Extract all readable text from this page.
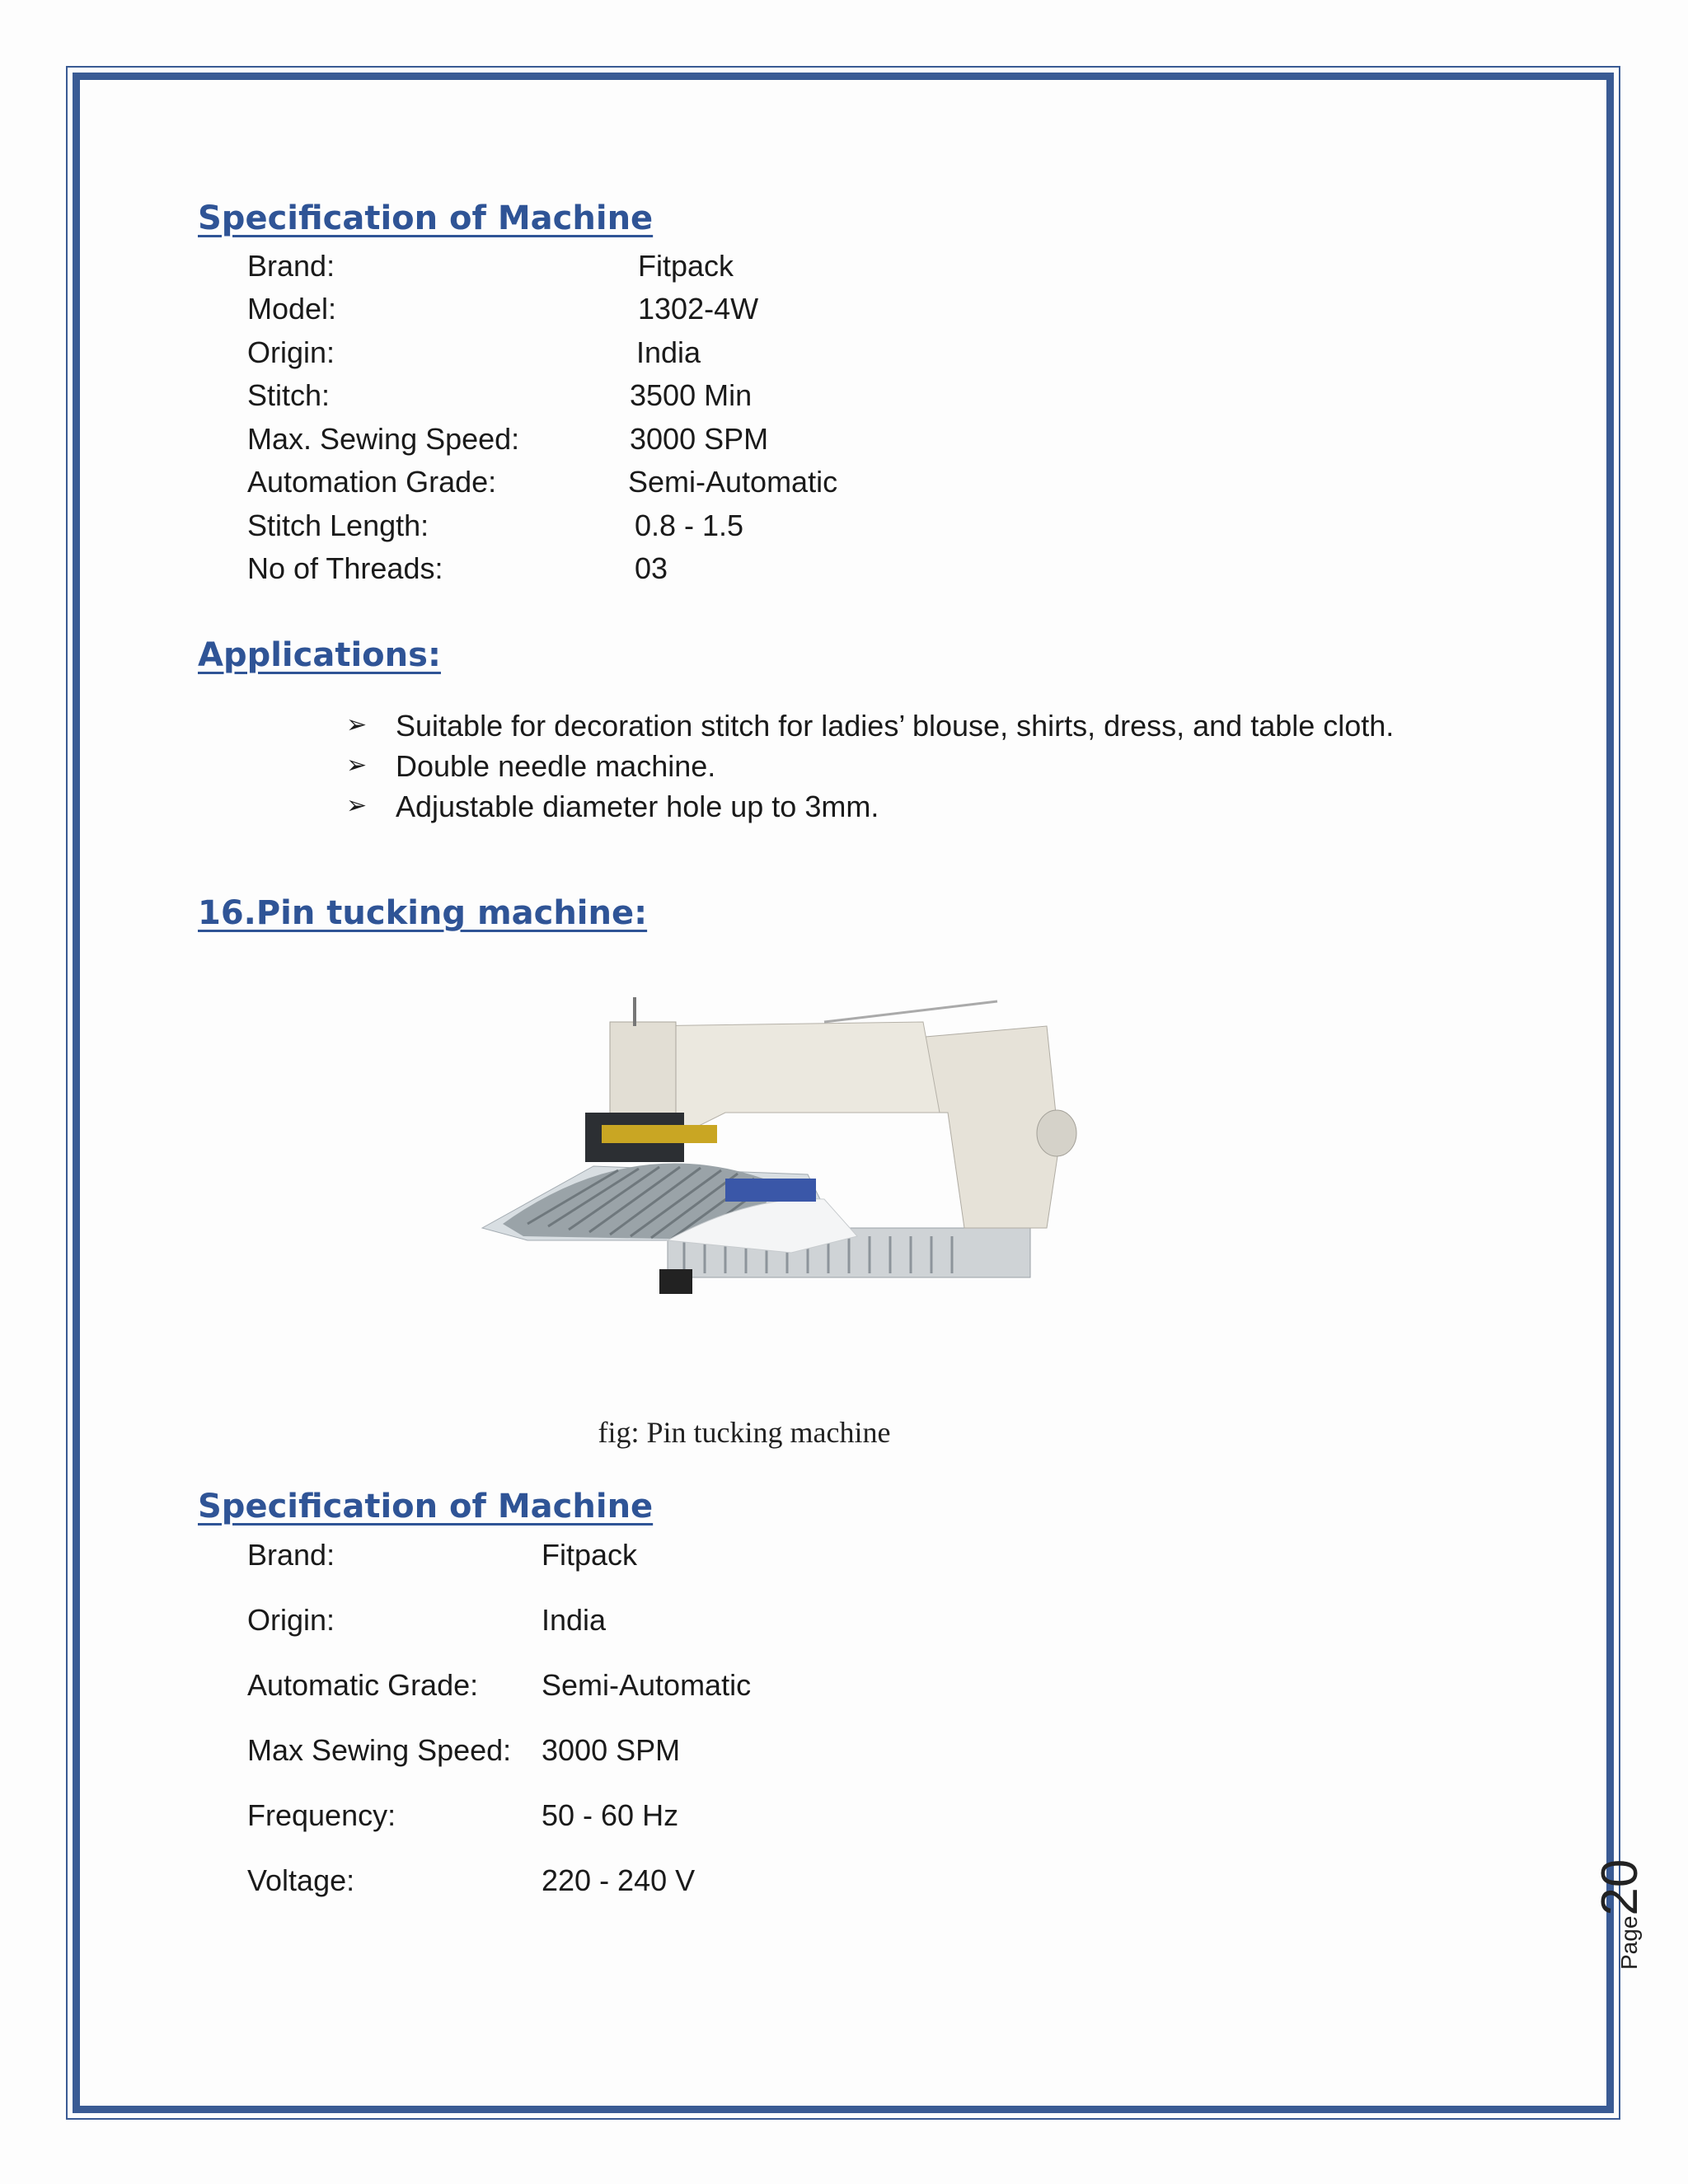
Specification of Machine
Brand:	Fitpack
Model:	1302-4W
Origin:	India
Stitch:	3500 Min
Max. Sewing Speed:	3000 SPM
Automation Grade:	Semi-Automatic
Stitch Length:	0.8 - 1.5
No of Threads:	03
Applications:
➢ Suitable for decoration stitch for ladies’ blouse, shirts, dress, and table cloth.
➢ Double needle machine.
➢ Adjustable diameter hole up to 3mm.
16.Pin tucking machine:
fig: Pin tucking machine
Specification of Machine
Brand:	Fitpack
Origin:	India
Automatic Grade: Semi-Automatic
Max Sewing Speed: 3000 SPM
Frequency:	50 - 60 Hz
Voltage:	220 - 240 V
Page20
